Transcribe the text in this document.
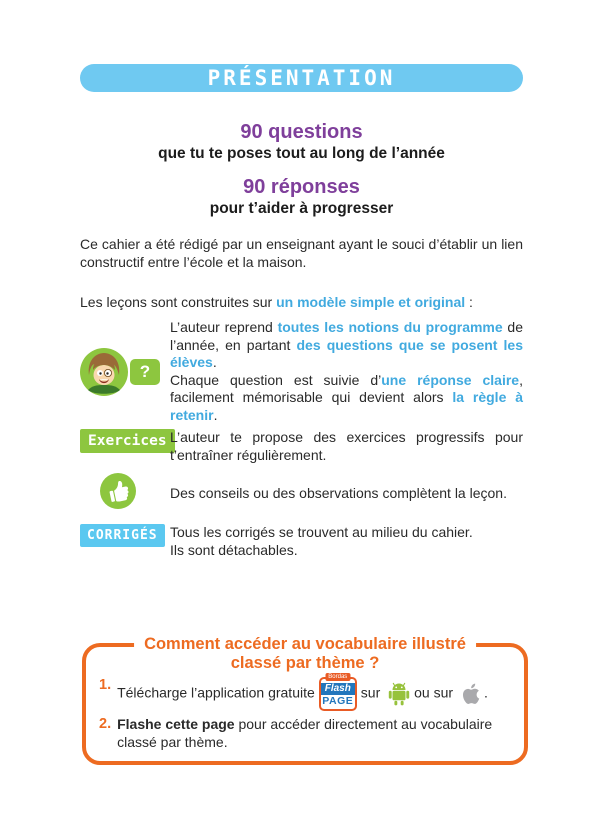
PRÉSENTATION
90 questions
que tu te poses tout au long de l’année
90 réponses
pour t’aider à progresser

Ce cahier a été rédigé par un enseignant ayant le souci d’établir un lien constructif entre l’école et la maison.

Les leçons sont construites sur un modèle simple et original :

?
L’auteur reprend toutes les notions du programme de l’année, en partant des questions que se posent les élèves.
Chaque question est suivie d’une réponse claire, facilement mémorisable qui devient alors la règle à retenir.
Exercices L’auteur te propose des exercices progressifs pour t’entraîner régulièrement.
Des conseils ou des observations complètent la leçon.
CORRIGÉS Tous les corrigés se trouvent au milieu du cahier.
Ils sont détachables.
Comment accéder au vocabulaire illustré
classé par thème ?
1. Télécharge l’application gratuite
Bordas
Flash
PAGE
sur ou sur .
2. Flashe cette page pour accéder directement au vocabulaire classé par thème.
